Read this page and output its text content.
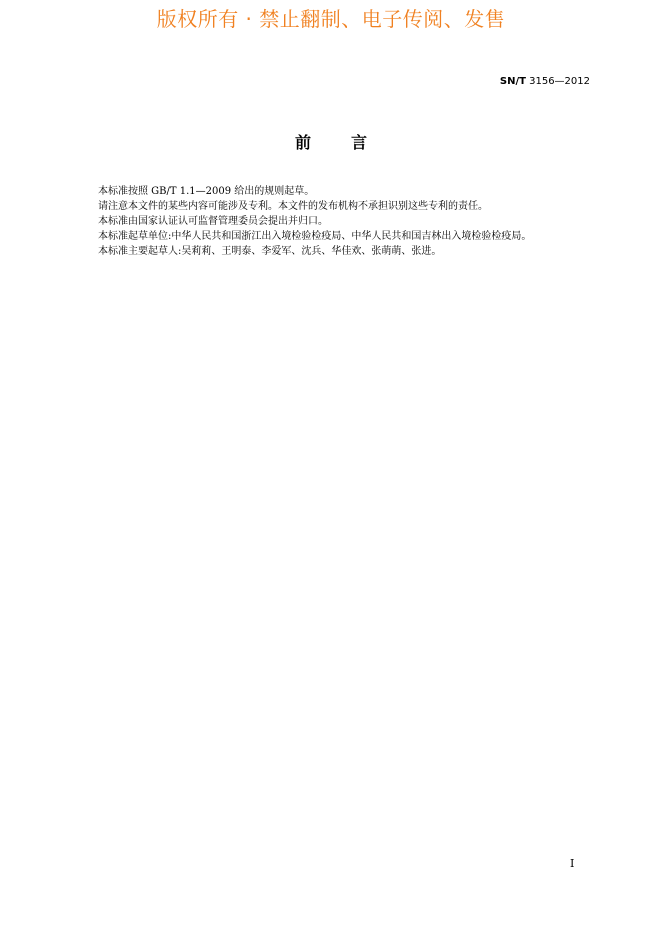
版权所有 · 禁止翻制、电子传阅、发售
SN/T 3156—2012
前言

本标准按照 GB/T 1.1—2009 给出的规则起草。

请注意本文件的某些内容可能涉及专利。本文件的发布机构不承担识别这些专利的责任。

本标准由国家认证认可监督管理委员会提出并归口。

本标准起草单位:中华人民共和国浙江出入境检验检疫局、中华人民共和国吉林出入境检验检疫局。

本标准主要起草人:吴莉莉、王明泰、李爱军、沈兵、华佳欢、张萌萌、张进。

I
